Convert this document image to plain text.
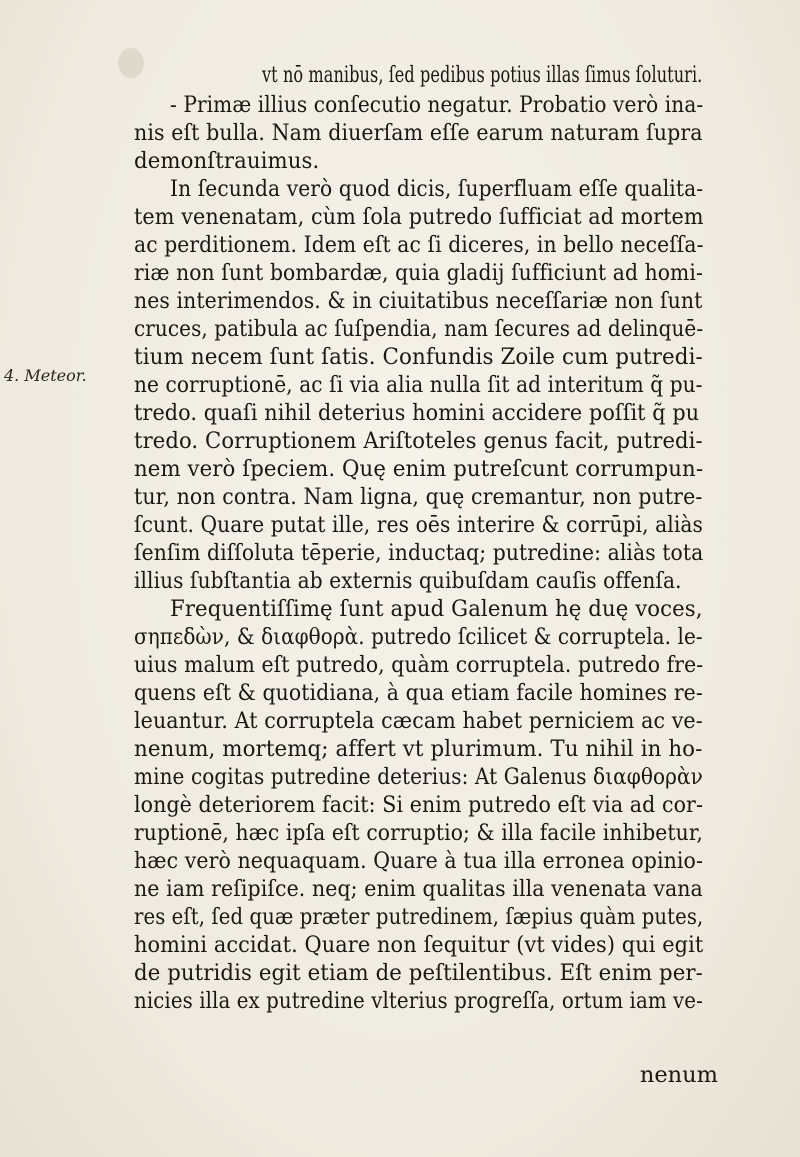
4. Meteor.
vt nō manibus, ſed pedibus potius illas ſimus ſoluturi.
- Primæ illius conſecutio negatur. Probatio verò ina-
nis eſt bulla. Nam diuerſam eſſe earum naturam ſupra
demonſtrauimus.
In ſecunda verò quod dicis, ſuperfluam eſſe qualita-
tem venenatam, cùm ſola putredo ſufficiat ad mortem
ac perditionem. Idem eſt ac ſi diceres, in bello neceſſa-
riæ non ſunt bombardæ, quia gladij ſufficiunt ad homi-
nes interimendos. & in ciuitatibus neceſſariæ non ſunt
cruces, patibula ac ſuſpendia, nam ſecures ad delinquē-
tium necem ſunt ſatis. Confundis Zoile cum putredi-
ne corruptionē, ac ſi via alia nulla ſit ad interitum q̃ pu-
tredo. quaſi nihil deterius homini accidere poſſit q̃ pu
tredo. Corruptionem Ariſtoteles genus facit, putredi-
nem verò ſpeciem. Quę enim putreſcunt corrumpun-
tur, non contra. Nam ligna, quę cremantur, non putre-
ſcunt. Quare putat ille, res oēs interire & corrūpi, aliàs
ſenſim diſſoluta tēperie, inductaq; putredine: aliàs tota
illius ſubſtantia ab externis quibuſdam cauſis offenſa.
Frequentiſſimę ſunt apud Galenum hę duę voces,
σηπεδὼν, & διαφθορὰ. putredo ſcilicet & corruptela. le-
uius malum eſt putredo, quàm corruptela. putredo fre-
quens eſt & quotidiana, à qua etiam facile homines re-
leuantur. At corruptela cæcam habet perniciem ac ve-
nenum, mortemq; affert vt plurimum. Tu nihil in ho-
mine cogitas putredine deterius: At Galenus διαφθορὰν
longè deteriorem facit: Si enim putredo eſt via ad cor-
ruptionē, hæc ipſa eſt corruptio; & illa facile inhibetur,
hæc verò nequaquam. Quare à tua illa erronea opinio-
ne iam reſipiſce. neq; enim qualitas illa venenata vana
res eſt, ſed quæ præter putredinem, ſæpius quàm putes,
homini accidat. Quare non ſequitur (vt vides) qui egit
de putridis egit etiam de peſtilentibus. Eſt enim per-
nicies illa ex putredine vlterius progreſſa, ortum iam ve-
nenum
